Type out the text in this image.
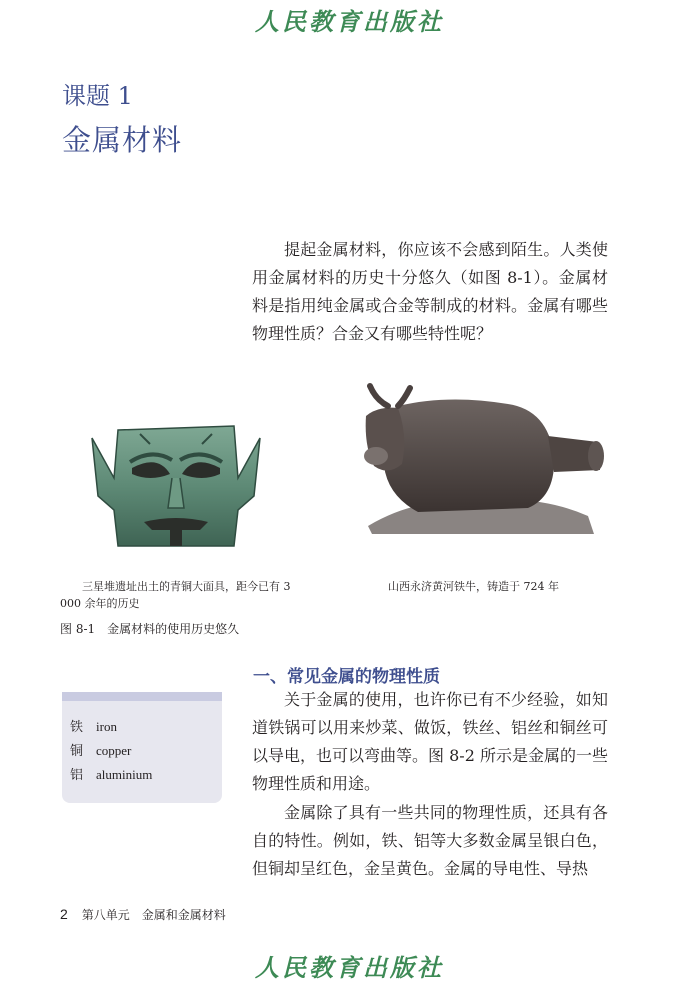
人民教育出版社
课题 1
金属材料

提起金属材料，你应该不会感到陌生。人类使用金属材料的历史十分悠久（如图 8-1）。金属材料是指用纯金属或合金等制成的材料。金属有哪些物理性质？合金又有哪些特性呢？

三星堆遗址出土的青铜大面具，距今已有 3 000 余年的历史
山西永济黄河铁牛，铸造于 724 年
图 8-1　金属材料的使用历史悠久
铁 iron
铜 copper
铝 aluminium
一、常见金属的物理性质

关于金属的使用，也许你已有不少经验，如知道铁锅可以用来炒菜、做饭，铁丝、铝丝和铜丝可以导电，也可以弯曲等。图 8-2 所示是金属的一些物理性质和用途。

金属除了具有一些共同的物理性质，还具有各自的特性。例如，铁、铝等大多数金属呈银白色，但铜却呈红色，金呈黄色。金属的导电性、导热

2 第八单元　金属和金属材料
人民教育出版社
